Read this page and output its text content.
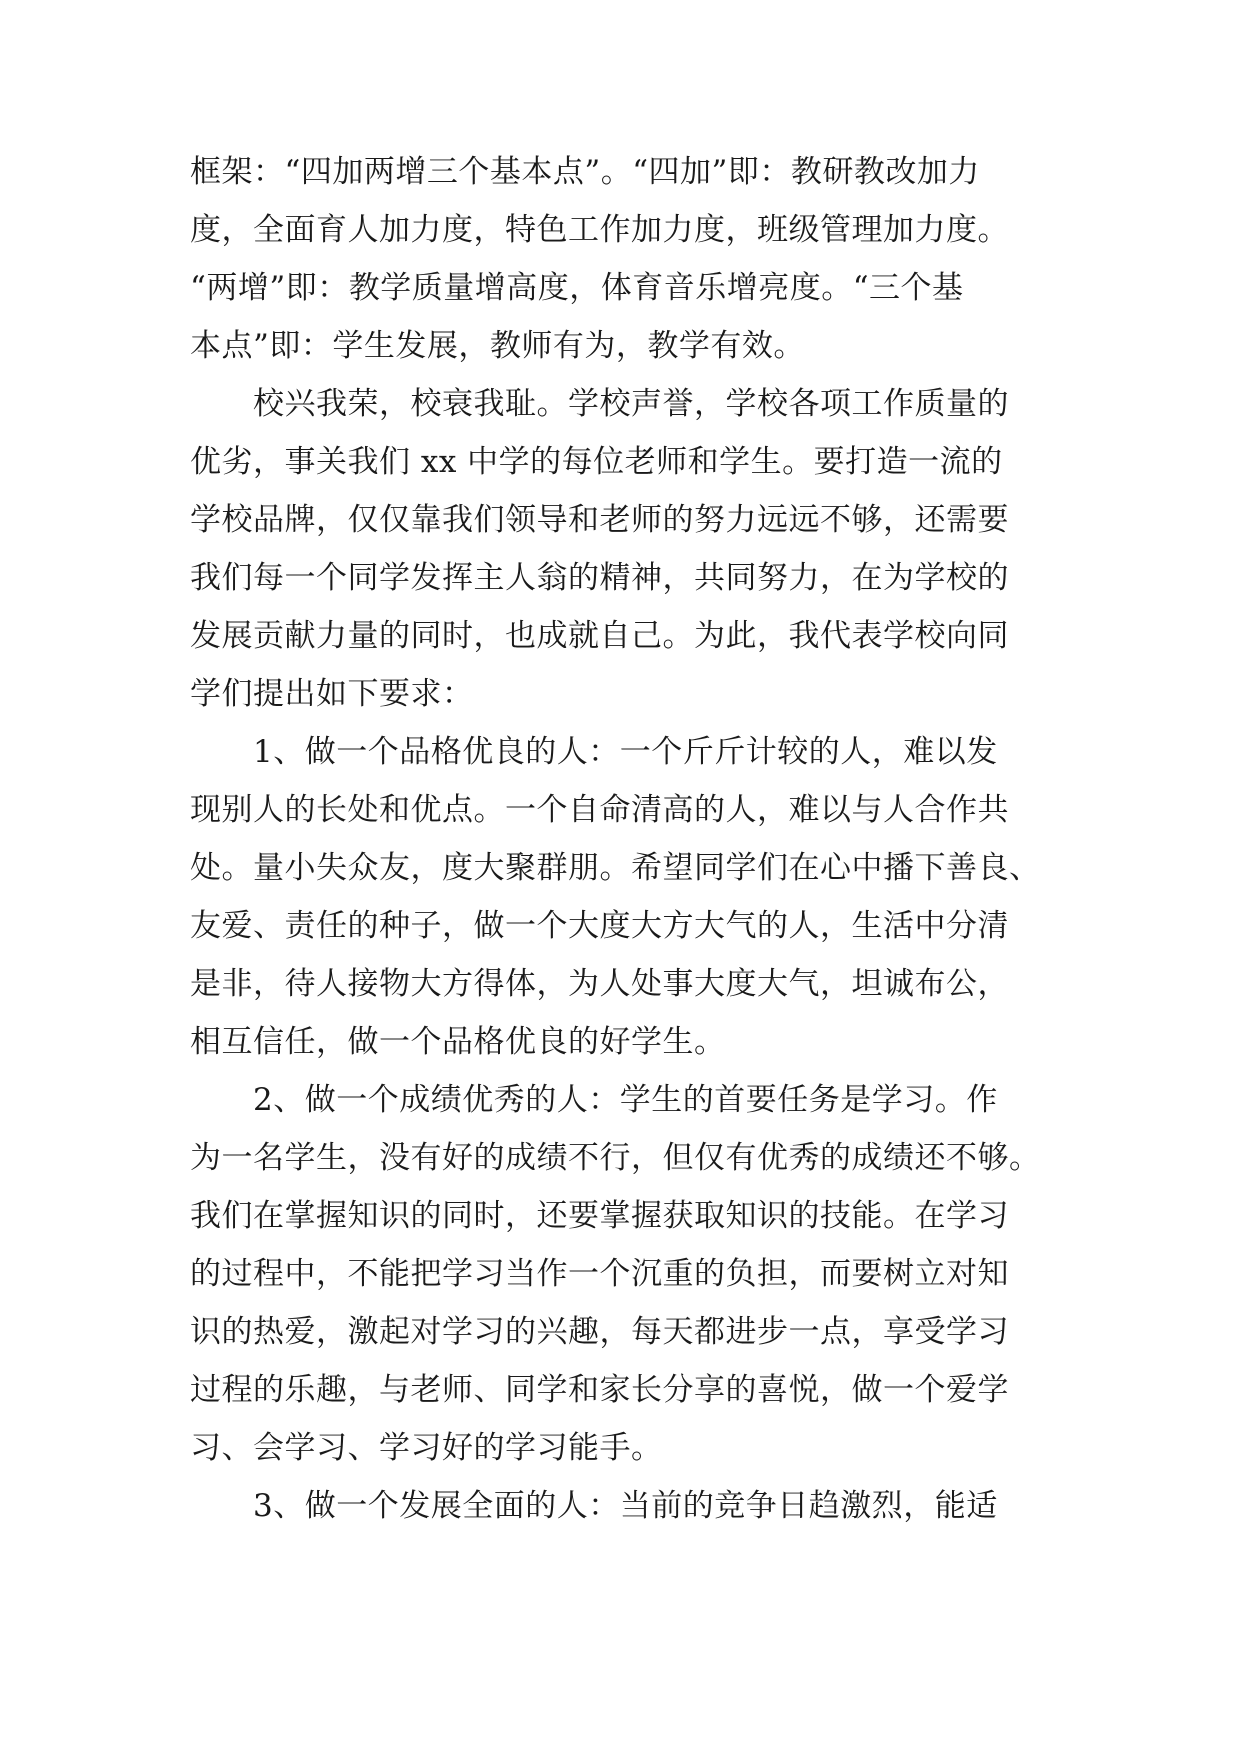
框架：“四加两增三个基本点”。“四加”即：教研教改加力
度，全面育人加力度，特色工作加力度，班级管理加力度。
“两增”即：教学质量增高度，体育音乐增亮度。“三个基
本点”即：学生发展，教师有为，教学有效。
校兴我荣，校衰我耻。学校声誉，学校各项工作质量的
优劣，事关我们 xx 中学的每位老师和学生。要打造一流的
学校品牌，仅仅靠我们领导和老师的努力远远不够，还需要
我们每一个同学发挥主人翁的精神，共同努力，在为学校的
发展贡献力量的同时，也成就自己。为此，我代表学校向同
学们提出如下要求：
1、做一个品格优良的人：一个斤斤计较的人，难以发
现别人的长处和优点。一个自命清高的人，难以与人合作共
处。量小失众友，度大聚群朋。希望同学们在心中播下善良、
友爱、责任的种子，做一个大度大方大气的人，生活中分清
是非，待人接物大方得体，为人处事大度大气，坦诚布公，
相互信任，做一个品格优良的好学生。
2、做一个成绩优秀的人：学生的首要任务是学习。作
为一名学生，没有好的成绩不行，但仅有优秀的成绩还不够。
我们在掌握知识的同时，还要掌握获取知识的技能。在学习
的过程中，不能把学习当作一个沉重的负担，而要树立对知
识的热爱，激起对学习的兴趣，每天都进步一点，享受学习
过程的乐趣，与老师、同学和家长分享的喜悦，做一个爱学
习、会学习、学习好的学习能手。
3、做一个发展全面的人：当前的竞争日趋激烈，能适
